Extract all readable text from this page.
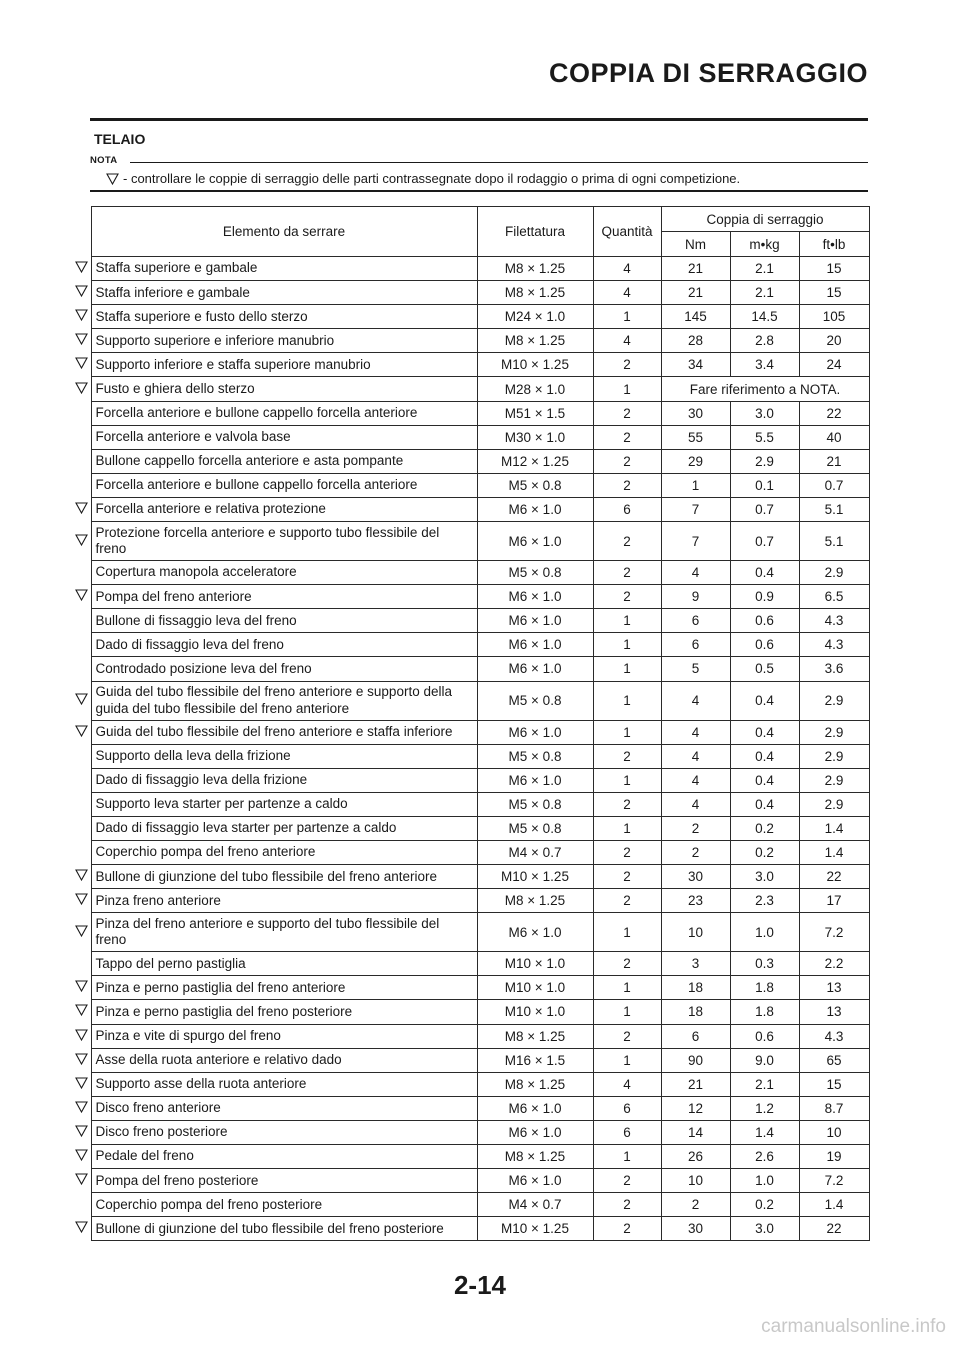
COPPIA DI SERRAGGIO
TELAIO
NOTA
- controllare le coppie di serraggio delle parti contrassegnate dopo il rodaggio o prima di ogni competizione.
	Elemento da serrare	Filettatura	Quantità	Coppia di serraggio		
				Nm	m•kg	ft•lb

	Staffa superiore e gambale	M8 × 1.25	4	21	2.1	15

	Staffa inferiore e gambale	M8 × 1.25	4	21	2.1	15

	Staffa superiore e fusto dello sterzo	M24 × 1.0	1	145	14.5	105

	Supporto superiore e inferiore manubrio	M8 × 1.25	4	28	2.8	20

	Supporto inferiore e staffa superiore manubrio	M10 × 1.25	2	34	3.4	24

	Fusto e ghiera dello sterzo	M28 × 1.0	1	Fare riferimento a NOTA.		
	Forcella anteriore e bullone cappello forcella anteriore	M51 × 1.5	2	30	3.0	22
	Forcella anteriore e valvola base	M30 × 1.0	2	55	5.5	40
	Bullone cappello forcella anteriore e asta pompante	M12 × 1.25	2	29	2.9	21
	Forcella anteriore e bullone cappello forcella anteriore	M5 × 0.8	2	1	0.1	0.7

	Forcella anteriore e relativa protezione	M6 × 1.0	6	7	0.7	5.1

	Protezione forcella anteriore e supporto tubo flessibile del freno	M6 × 1.0	2	7	0.7	5.1
	Copertura manopola acceleratore	M5 × 0.8	2	4	0.4	2.9

	Pompa del freno anteriore	M6 × 1.0	2	9	0.9	6.5
	Bullone di fissaggio leva del freno	M6 × 1.0	1	6	0.6	4.3
	Dado di fissaggio leva del freno	M6 × 1.0	1	6	0.6	4.3
	Controdado posizione leva del freno	M6 × 1.0	1	5	0.5	3.6

	Guida del tubo flessibile del freno anteriore e supporto della guida del tubo flessibile del freno anteriore	M5 × 0.8	1	4	0.4	2.9

	Guida del tubo flessibile del freno anteriore e staffa inferiore	M6 × 1.0	1	4	0.4	2.9
	Supporto della leva della frizione	M5 × 0.8	2	4	0.4	2.9
	Dado di fissaggio leva della frizione	M6 × 1.0	1	4	0.4	2.9
	Supporto leva starter per partenze a caldo	M5 × 0.8	2	4	0.4	2.9
	Dado di fissaggio leva starter per partenze a caldo	M5 × 0.8	1	2	0.2	1.4
	Coperchio pompa del freno anteriore	M4 × 0.7	2	2	0.2	1.4

	Bullone di giunzione del tubo flessibile del freno anteriore	M10 × 1.25	2	30	3.0	22

	Pinza freno anteriore	M8 × 1.25	2	23	2.3	17

	Pinza del freno anteriore e supporto del tubo flessibile del freno	M6 × 1.0	1	10	1.0	7.2
	Tappo del perno pastiglia	M10 × 1.0	2	3	0.3	2.2

	Pinza e perno pastiglia del freno anteriore	M10 × 1.0	1	18	1.8	13

	Pinza e perno pastiglia del freno posteriore	M10 × 1.0	1	18	1.8	13

	Pinza e vite di spurgo del freno	M8 × 1.25	2	6	0.6	4.3

	Asse della ruota anteriore e relativo dado	M16 × 1.5	1	90	9.0	65

	Supporto asse della ruota anteriore	M8 × 1.25	4	21	2.1	15

	Disco freno anteriore	M6 × 1.0	6	12	1.2	8.7

	Disco freno posteriore	M6 × 1.0	6	14	1.4	10

	Pedale del freno	M8 × 1.25	1	26	2.6	19

	Pompa del freno posteriore	M6 × 1.0	2	10	1.0	7.2
	Coperchio pompa del freno posteriore	M4 × 0.7	2	2	0.2	1.4

	Bullone di giunzione del tubo flessibile del freno posteriore	M10 × 1.25	2	30	3.0	22
2-14
carmanualsonline.info
